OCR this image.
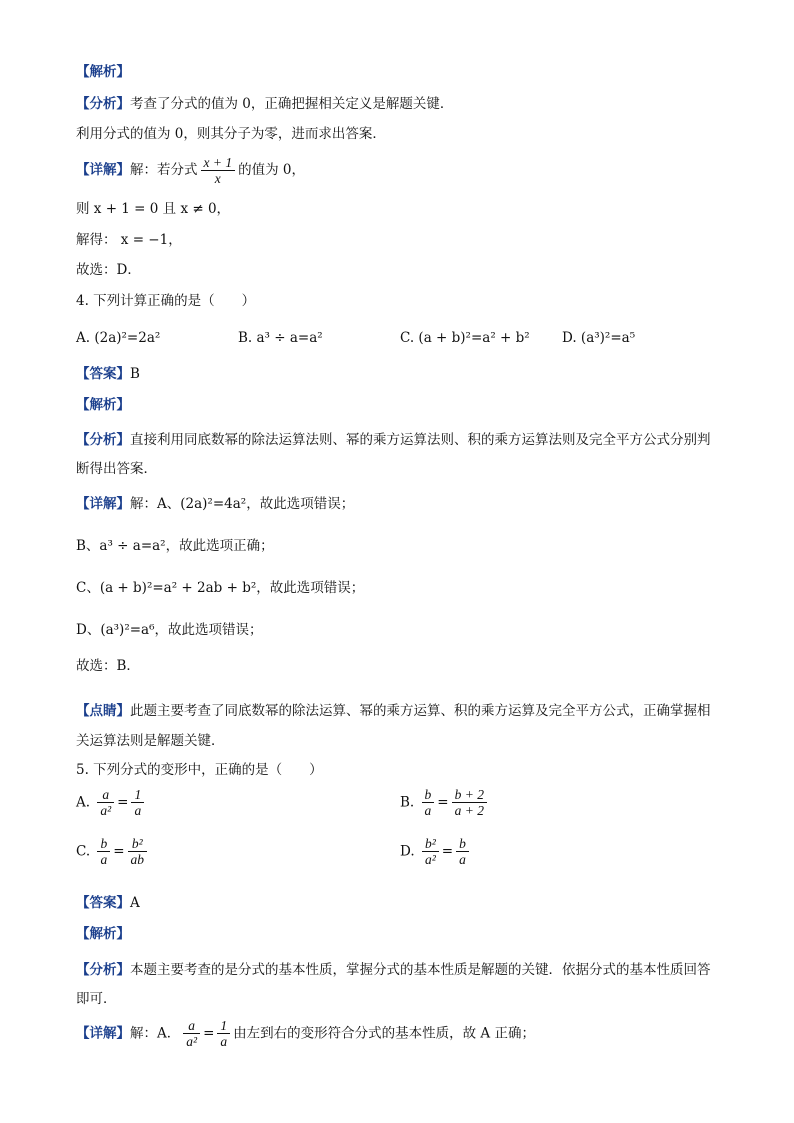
【解析】
【分析】考查了分式的值为 0，正确把握相关定义是解题关键．
利用分式的值为 0，则其分子为零，进而求出答案．
【详解】解：若分式 $\frac{x + 1}{x}$ 的值为 0，
则 x + 1 = 0 且 x ≠ 0，
解得： x = −1，
故选：D．
4. 下列计算正确的是（　　）
A. (2a)²=2a²	B. a³ ÷ a=a²	C. (a + b)²=a² + b² D. (a³)²=a⁵
【答案】B
【解析】
【分析】直接利用同底数幂的除法运算法则、幂的乘方运算法则、积的乘方运算法则及完全平方公式分别判断得出答案．
【详解】解：A、(2a)²=4a²，故此选项错误；
B、a³ ÷ a=a²，故此选项正确；
C、(a + b)²=a² + 2ab + b²，故此选项错误；
D、(a³)²=a⁶，故此选项错误；
故选：B．
【点睛】此题主要考查了同底数幂的除法运算、幂的乘方运算、积的乘方运算及完全平方公式，正确掌握相关运算法则是解题关键．
5. 下列分式的变形中，正确的是（　　）
A. $\frac{a}{\text{a²}} = \frac{1}{a}$	B. $\frac{b}{a} = \frac{b + 2}{a + 2}$
C. $\frac{b}{a} = \frac{\text{b²}}{ab}$	D. $\frac{\text{b²}}{\text{a²}} = \frac{b}{a}$
【答案】A
【解析】
【分析】本题主要考查的是分式的基本性质，掌握分式的基本性质是解题的关键．依据分式的基本性质回答即可．
【详解】解：A． $\frac{a}{\text{a²}} = \frac{1}{a}$ 由左到右的变形符合分式的基本性质，故 A 正确；
